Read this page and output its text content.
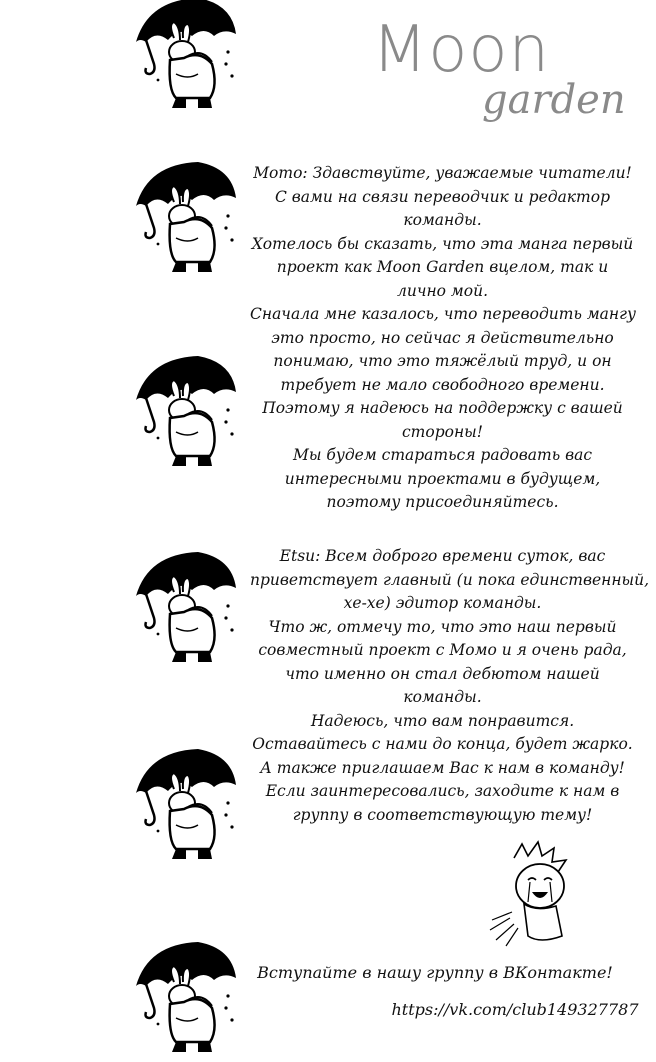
Moon
garden
Momo: Здавствуйте, уважаемые читатели!
С вами на связи переводчик и редактор
команды.
Хотелось бы сказать, что эта манга первый
проект как Moon Garden вцелом, так и
лично мой.
Сначала мне казалось, что переводить мангу
это просто, но сейчас я действительно
понимаю, что это тяжёлый труд, и он
требует не мало свободного времени.
Поэтому я надеюсь на поддержку с вашей
стороны!
Мы будем стараться радовать вас
интересными проектами в будущем,
поэтому присоединяйтесь.
Etsu: Всем доброго времени суток, вас
приветствует главный (и пока единственный,
хе-хе) эдитор команды.
Что ж, отмечу то, что это наш первый
совместный проект с Момо и я очень рада,
что именно он стал дебютом нашей
команды.
Надеюсь, что вам понравится.
Оставайтесь с нами до конца, будет жарко.
А также приглашаем Вас к нам в команду!
Если заинтересовались, заходите к нам в
группу в соответствующую тему!
Вступайте в нашу группу в ВКонтакте!
https://vk.com/club149327787
